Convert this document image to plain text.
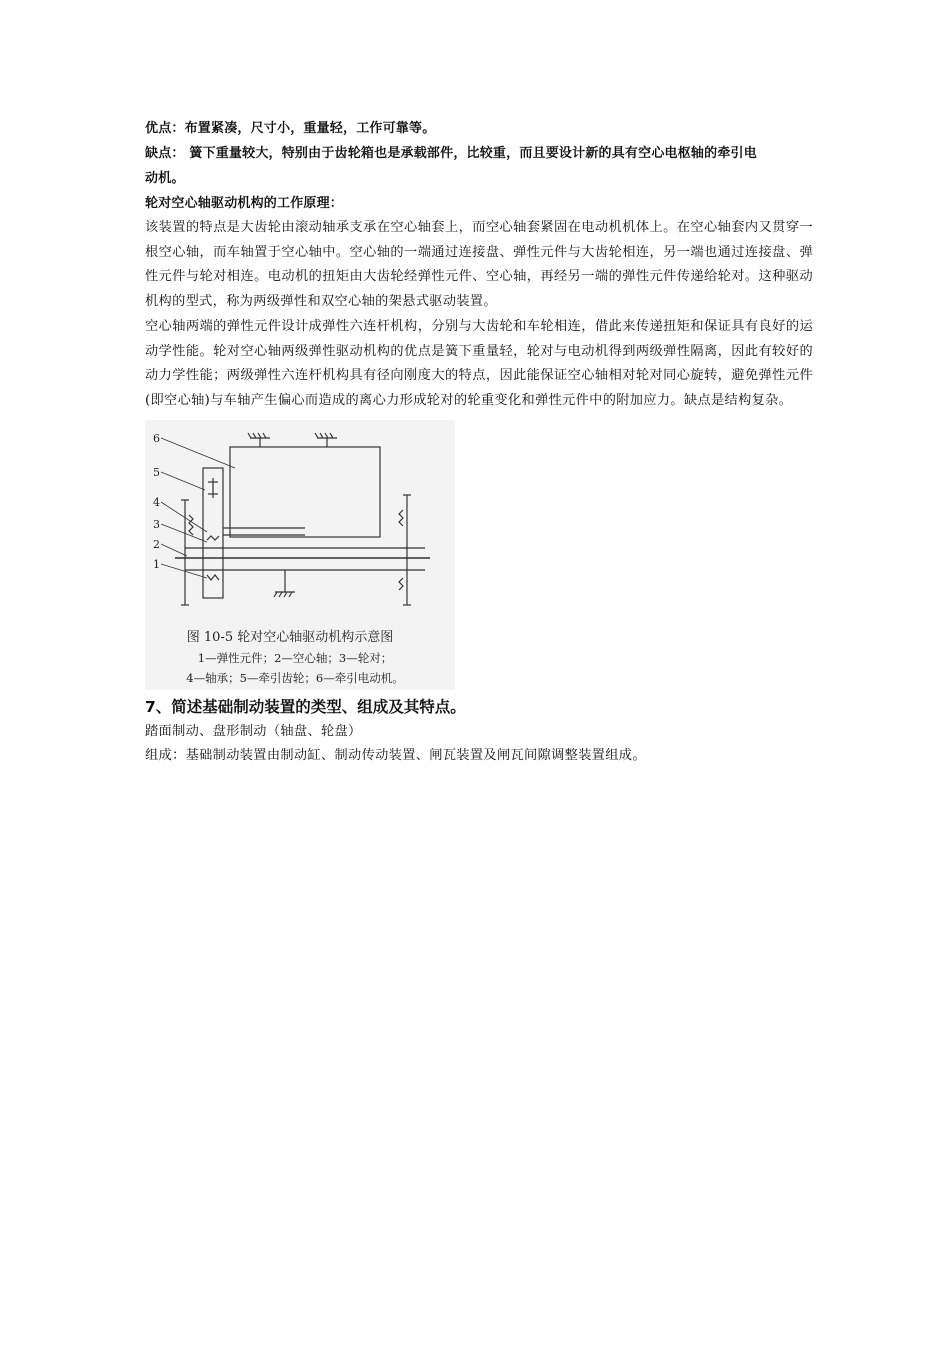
优点：布置紧凑，尺寸小，重量轻，工作可靠等。

缺点： 簧下重量较大，特别由于齿轮箱也是承载部件，比较重，而且要设计新的具有空心电枢轴的牵引电

动机。

轮对空心轴驱动机构的工作原理：

该装置的特点是大齿轮由滚动轴承支承在空心轴套上，而空心轴套紧固在电动机机体上。在空心轴套内又贯穿一根空心轴，而车轴置于空心轴中。空心轴的一端通过连接盘、弹性元件与大齿轮相连，另一端也通过连接盘、弹性元件与轮对相连。电动机的扭矩由大齿轮经弹性元件、空心轴，再经另一端的弹性元件传递给轮对。这种驱动机构的型式，称为两级弹性和双空心轴的架悬式驱动装置。

空心轴两端的弹性元件设计成弹性六连杆机构，分别与大齿轮和车轮相连，借此来传递扭矩和保证具有良好的运动学性能。轮对空心轴两级弹性驱动机构的优点是簧下重量轻，轮对与电动机得到两级弹性隔离，因此有较好的动力学性能；两级弹性六连杆机构具有径向刚度大的特点，因此能保证空心轴相对轮对同心旋转，避免弹性元件(即空心轴)与车轴产生偏心而造成的离心力形成轮对的轮重变化和弹性元件中的附加应力。缺点是结构复杂。

6
5
4
3
2
1
图 10-5 轮对空心轴驱动机构示意图
1—弹性元件；2—空心轴；3—轮对；
4—轴承；5—牵引齿轮；6—牵引电动机。

7、简述基础制动装置的类型、组成及其特点。

踏面制动、盘形制动（轴盘、轮盘）

组成：基础制动装置由制动缸、制动传动装置、闸瓦装置及闸瓦间隙调整装置组成。
